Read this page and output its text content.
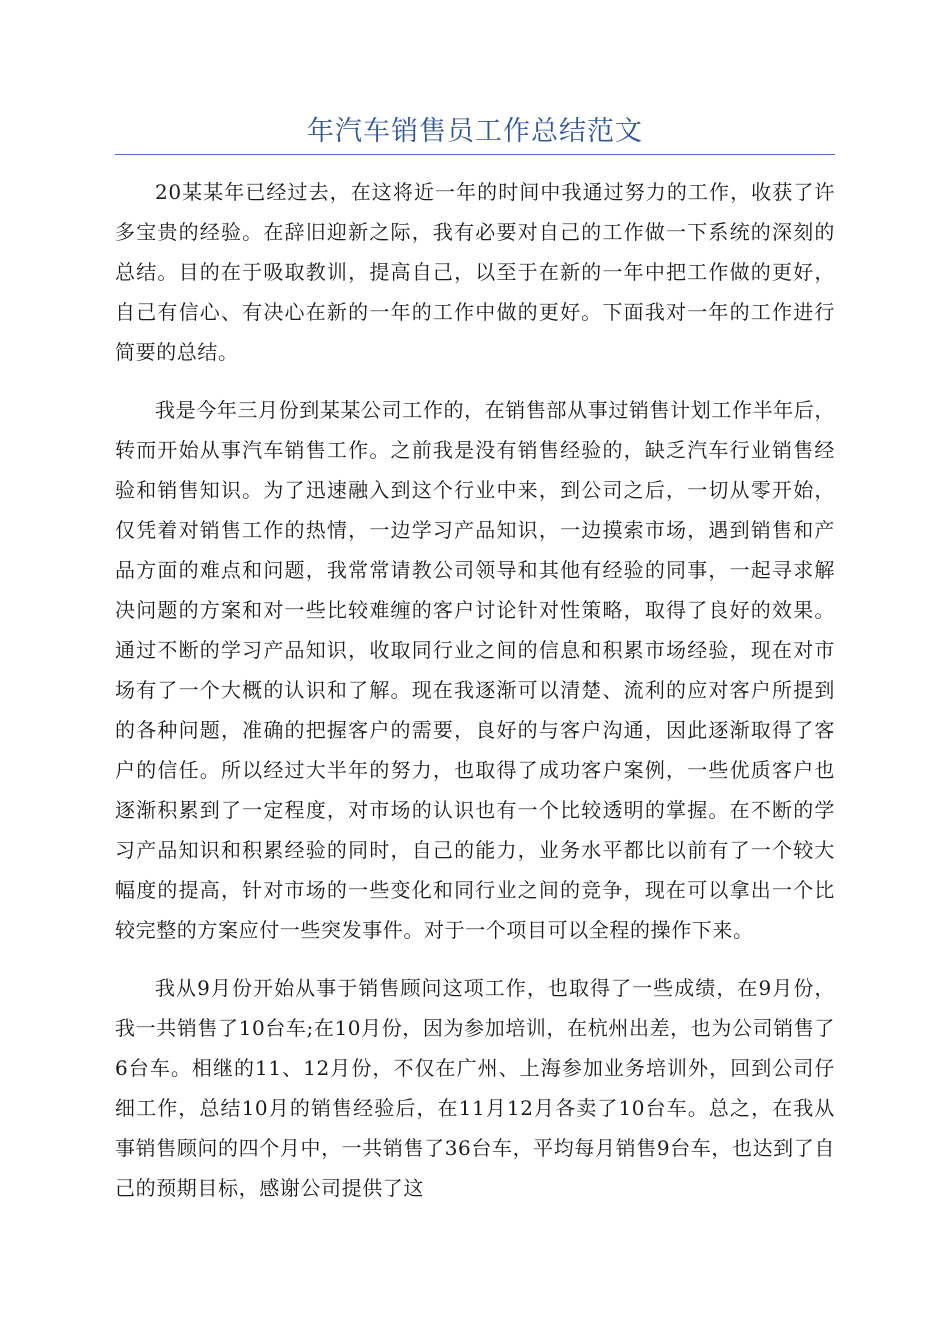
年汽车销售员工作总结范文

20某某年已经过去，在这将近一年的时间中我通过努力的工作，收获了许多宝贵的经验。在辞旧迎新之际，我有必要对自己的工作做一下系统的深刻的总结。目的在于吸取教训，提高自己，以至于在新的一年中把工作做的更好，自己有信心、有决心在新的一年的工作中做的更好。下面我对一年的工作进行简要的总结。

我是今年三月份到某某公司工作的，在销售部从事过销售计划工作半年后，转而开始从事汽车销售工作。之前我是没有销售经验的，缺乏汽车行业销售经验和销售知识。为了迅速融入到这个行业中来，到公司之后，一切从零开始，仅凭着对销售工作的热情，一边学习产品知识，一边摸索市场，遇到销售和产品方面的难点和问题，我常常请教公司领导和其他有经验的同事，一起寻求解决问题的方案和对一些比较难缠的客户讨论针对性策略，取得了良好的效果。通过不断的学习产品知识，收取同行业之间的信息和积累市场经验，现在对市场有了一个大概的认识和了解。现在我逐渐可以清楚、流利的应对客户所提到的各种问题，准确的把握客户的需要，良好的与客户沟通，因此逐渐取得了客户的信任。所以经过大半年的努力，也取得了成功客户案例，一些优质客户也逐渐积累到了一定程度，对市场的认识也有一个比较透明的掌握。在不断的学习产品知识和积累经验的同时，自己的能力，业务水平都比以前有了一个较大幅度的提高，针对市场的一些变化和同行业之间的竞争，现在可以拿出一个比较完整的方案应付一些突发事件。对于一个项目可以全程的操作下来。

我从9月份开始从事于销售顾问这项工作，也取得了一些成绩，在9月份，我一共销售了10台车;在10月份，因为参加培训，在杭州出差，也为公司销售了6台车。相继的11、12月份，不仅在广州、上海参加业务培训外，回到公司仔细工作，总结10月的销售经验后，在11月12月各卖了10台车。总之，在我从事销售顾问的四个月中，一共销售了36台车，平均每月销售9台车，也达到了自己的预期目标，感谢公司提供了这
